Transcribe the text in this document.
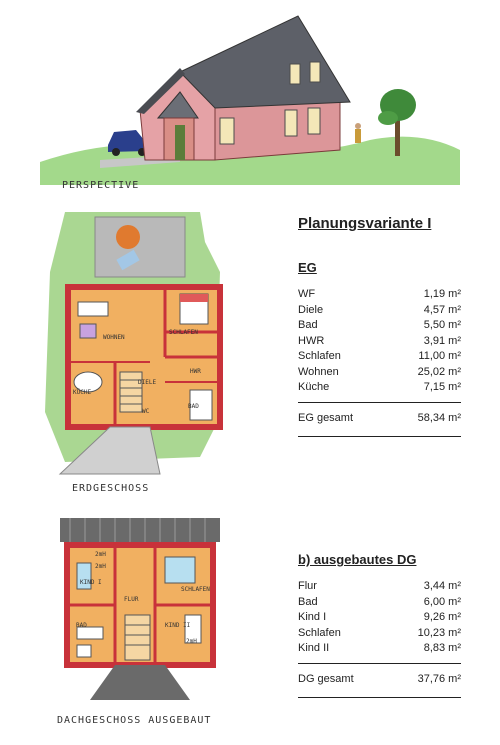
PERSPECTIVE
WOHNEN
SCHLAFEN
DIELE
HWR
KÜCHE
BAD
WC
ERDGESCHOSS
KIND I
SCHLAFEN
FLUR
BAD	KIND II
2mH
2mH
2mH
DACHGESCHOSS AUSGEBAUT
Planungsvariante I
EG
WF	1,19 m²
Diele	4,57 m²
Bad	5,50 m²
HWR	3,91 m²
Schlafen	11,00 m²
Wohnen	25,02 m²
Küche	7,15 m²
EG gesamt	58,34 m²
b) ausgebautes DG
Flur	3,44 m²
Bad	6,00 m²
Kind I	9,26 m²
Schlafen	10,23 m²
Kind II	8,83 m²
DG gesamt	37,76 m²
